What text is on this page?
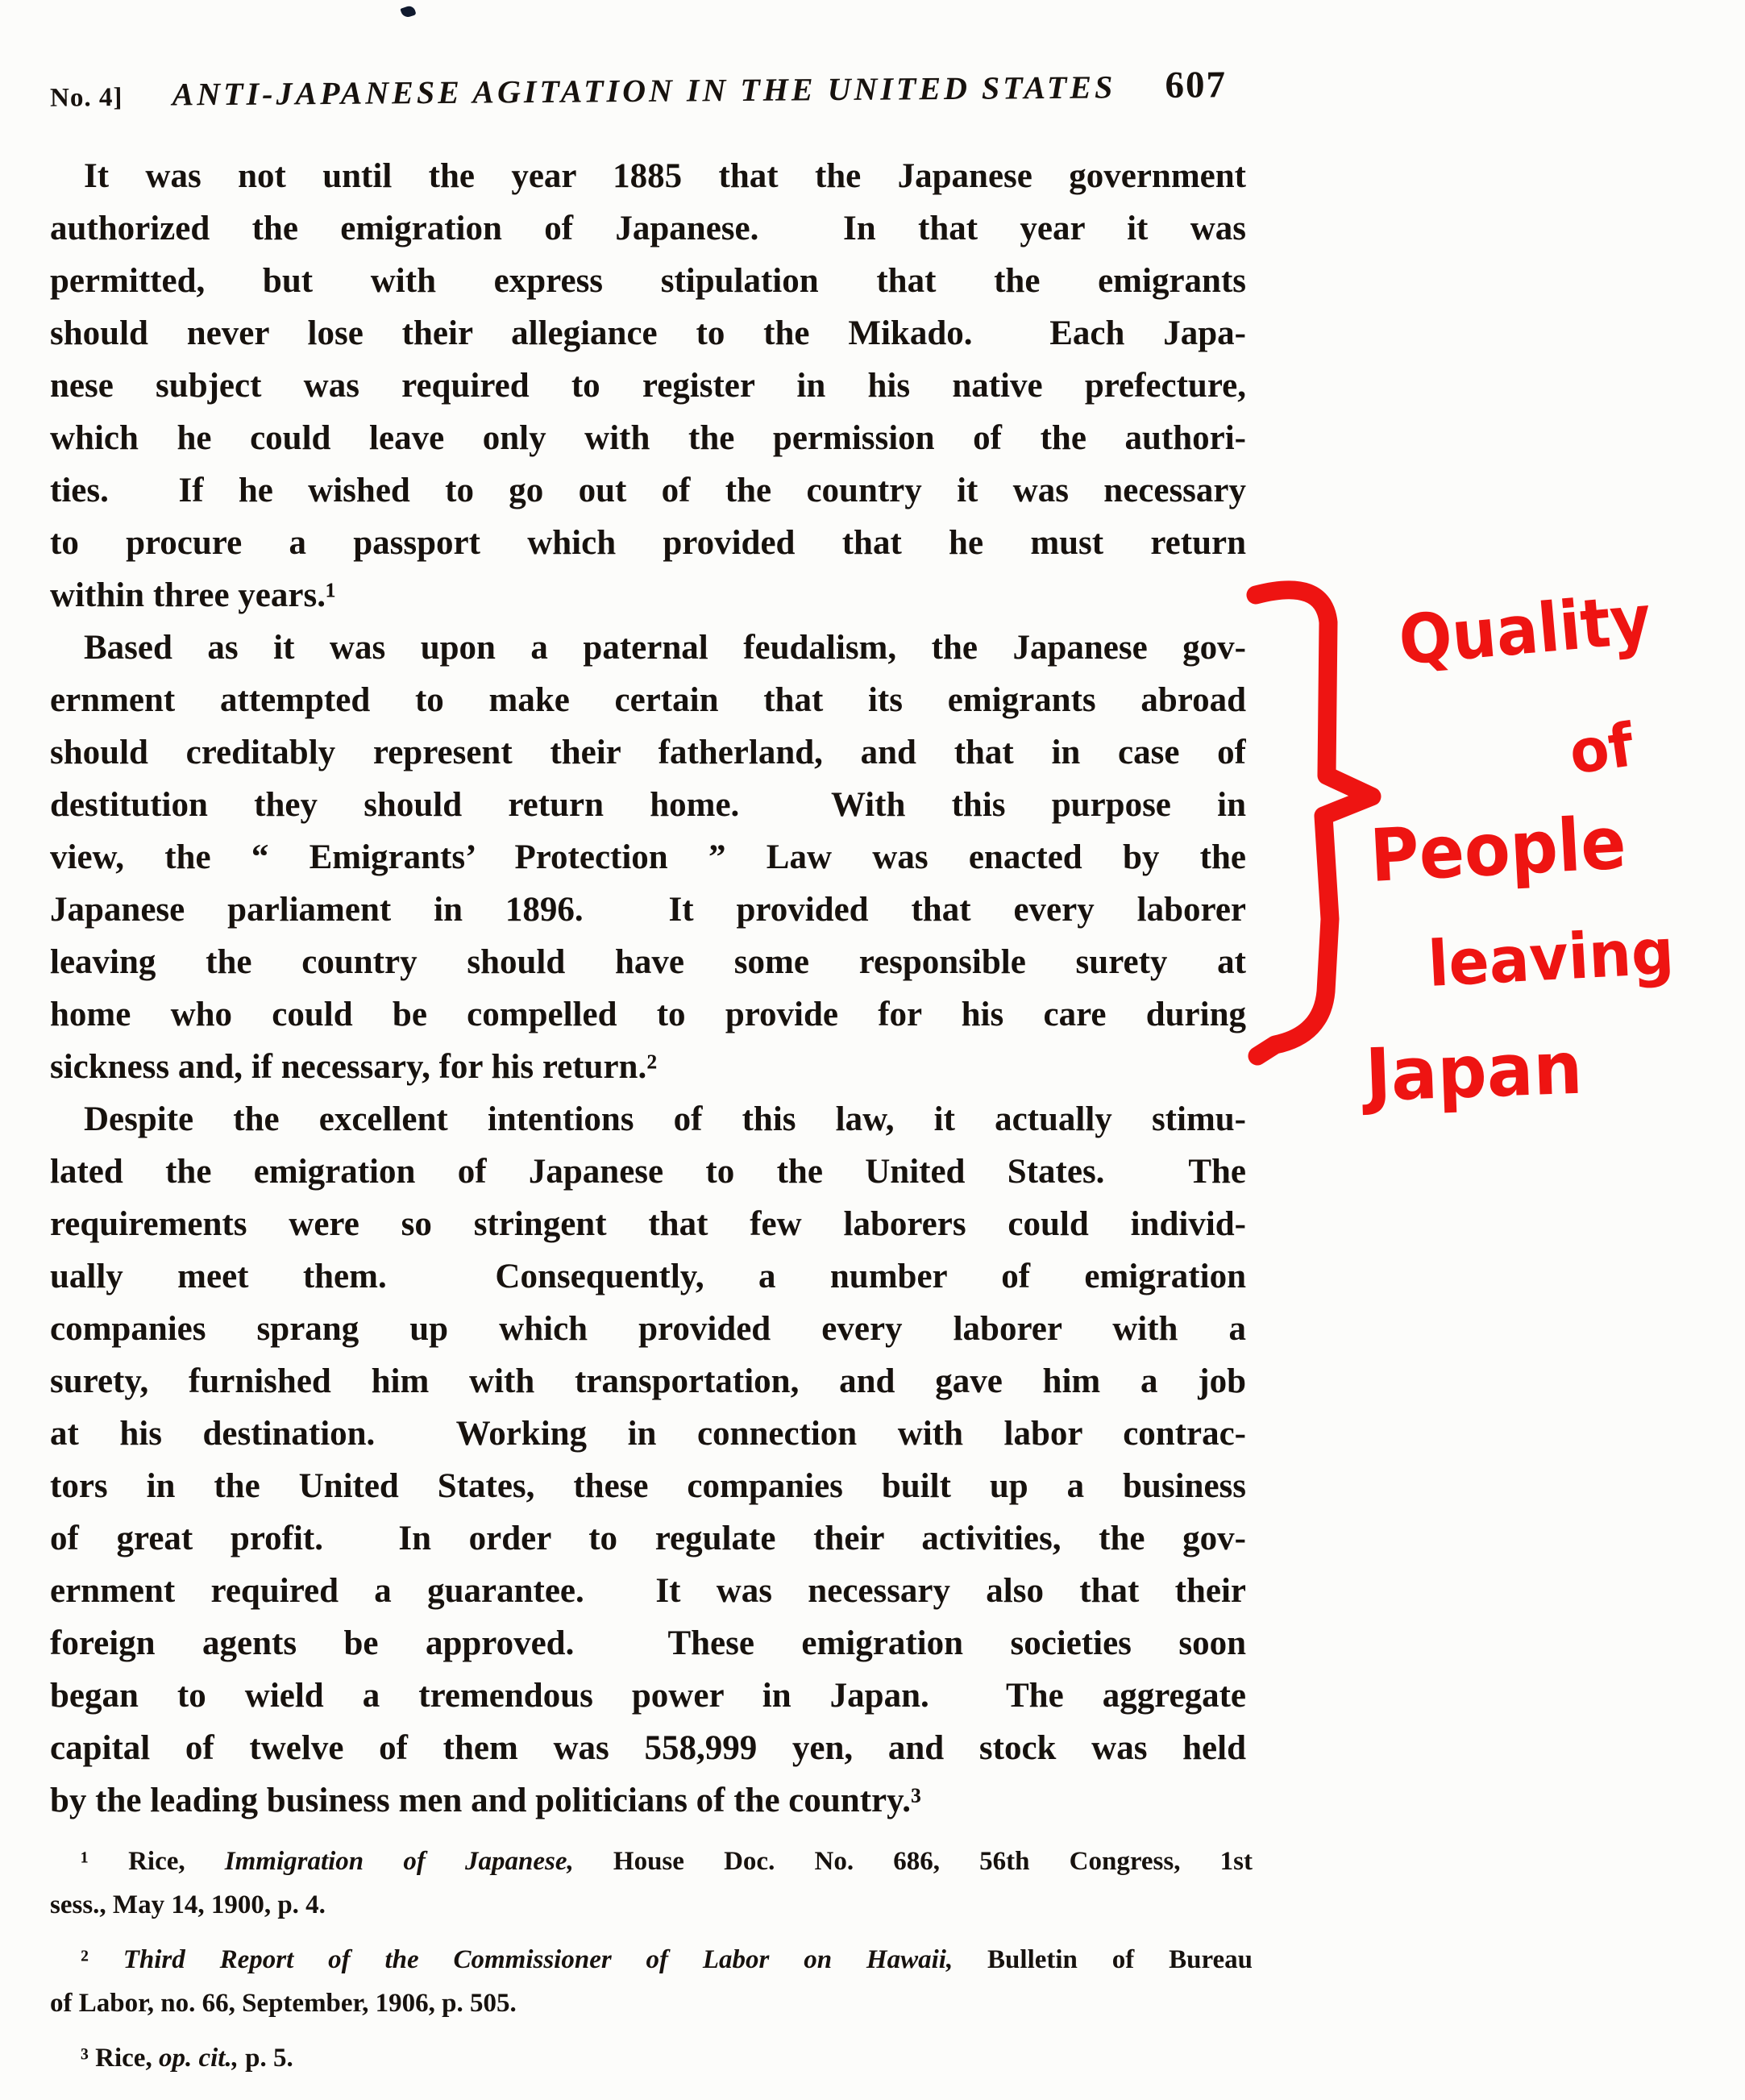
No. 4]	ANTI-JAPANESE AGITATION IN THE UNITED STATES	607
It was not until the year 1885 that the Japanese government
authorized the emigration of Japanese.  In that year it was
permitted, but with express stipulation that the emigrants
should never lose their allegiance to the Mikado.  Each Japa-
nese subject was required to register in his native prefecture,
which he could leave only with the permission of the authori-
ties.  If he wished to go out of the country it was necessary
to procure a passport which provided that he must return
within three years.¹
Based as it was upon a paternal feudalism, the Japanese gov-
ernment attempted to make certain that its emigrants abroad
should creditably represent their fatherland, and that in case of
destitution they should return home.  With this purpose in
view, the “ Emigrants’ Protection ” Law was enacted by the
Japanese parliament in 1896.  It provided that every laborer
leaving the country should have some responsible surety at
home who could be compelled to provide for his care during
sickness and, if necessary, for his return.²
Despite the excellent intentions of this law, it actually stimu-
lated the emigration of Japanese to the United States.  The
requirements were so stringent that few laborers could individ-
ually meet them.  Consequently, a number of emigration
companies sprang up which provided every laborer with a
surety, furnished him with transportation, and gave him a job
at his destination.  Working in connection with labor contrac-
tors in the United States, these companies built up a business
of great profit.  In order to regulate their activities, the gov-
ernment required a guarantee.  It was necessary also that their
foreign agents be approved.  These emigration societies soon
began to wield a tremendous power in Japan.  The aggregate
capital of twelve of them was 558,999 yen, and stock was held
by the leading business men and politicians of the country.³
¹ Rice, Immigration of Japanese, House Doc. No. 686, 56th Congress, 1st
sess., May 14, 1900, p. 4.
² Third Report of the Commissioner of Labor on Hawaii, Bulletin of Bureau
of Labor, no. 66, September, 1906, p. 505.
³ Rice, op. cit., p. 5.
Quality
of
People
leaving
Japan
